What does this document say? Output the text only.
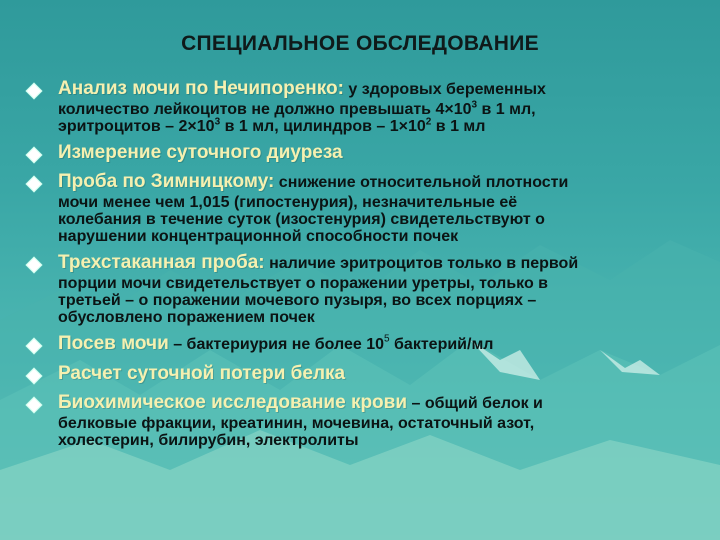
СПЕЦИАЛЬНОЕ ОБСЛЕДОВАНИЕ
Анализ мочи по Нечипоренко: у здоровых беременных
количество лейкоцитов не должно превышать $4\times 10^3$ в 1 мл,
эритроцитов – $2\times 10^3$ в 1 мл, цилиндров – $1\times 10^2$ в 1 мл
Измерение суточного диуреза
Проба по Зимницкому: снижение относительной плотности
мочи менее чем 1,015 (гипостенурия), незначительные её
колебания в течение суток (изостенурия) свидетельствуют о
нарушении концентрационной способности почек
Трехстаканная проба: наличие эритроцитов только в первой
порции мочи свидетельствует о поражении уретры, только в
третьей – о поражении мочевого пузыря, во всех порциях –
обусловлено поражением почек
Посев мочи – бактериурия не более $10^5$ бактерий/мл
Расчет суточной потери белка
Биохимическое исследование крови – общий белок и
белковые фракции, креатинин, мочевина, остаточный азот,
холестерин, билирубин, электролиты
